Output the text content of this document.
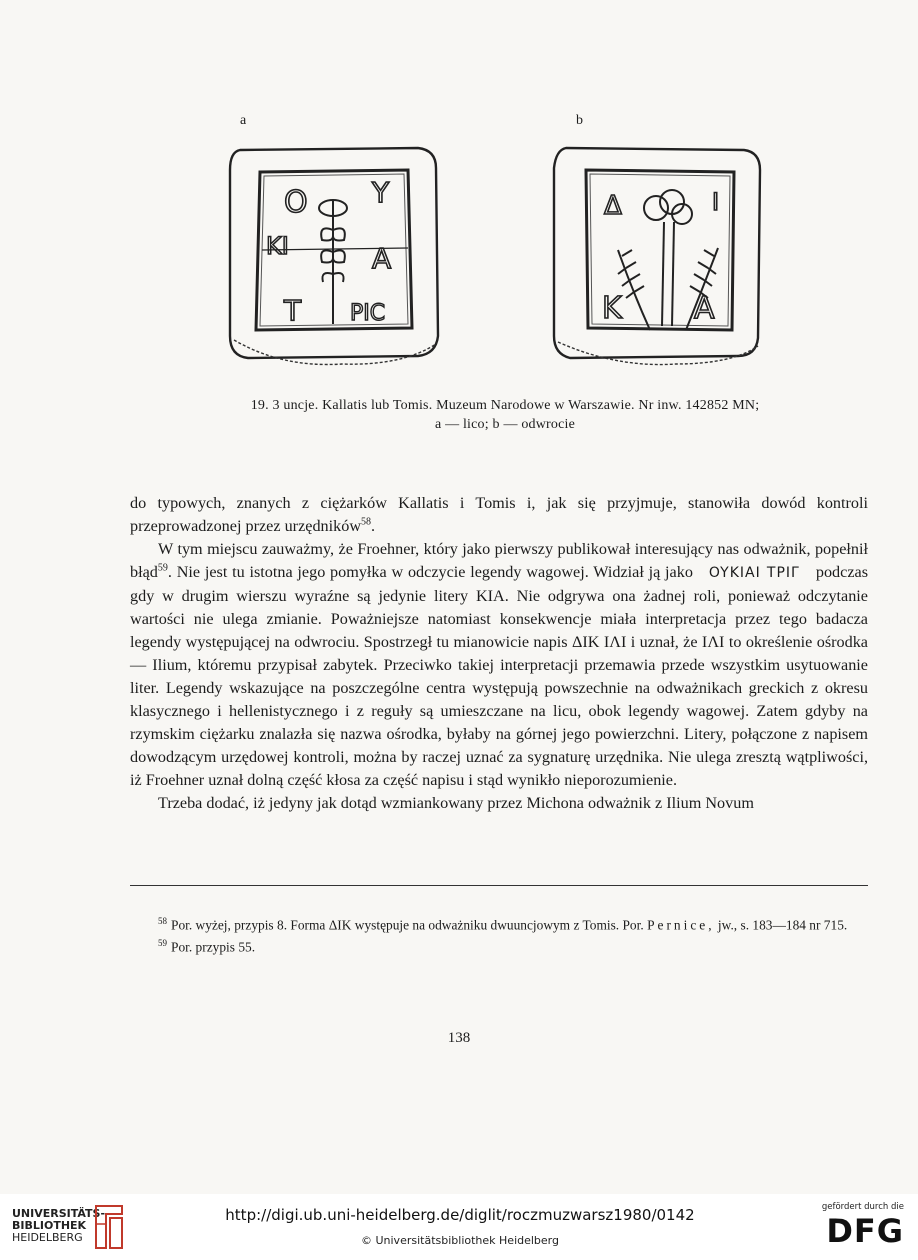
a	b
O Y
KI	A
T PIC
Δ	I
K A
19. 3 uncje. Kallatis lub Tomis. Muzeum Narodowe w Warszawie. Nr inw. 142852 MN;
a — lico; b — odwrocie

do typowych, znanych z ciężarków Kallatis i Tomis i, jak się przyjmuje, stanowiła dowód kontroli przeprowadzonej przez urzędników$^{58}$.

W tym miejscu zauważmy, że Froehner, który jako pierwszy publikował interesujący nas odważnik, popełnił błąd$^{59}$. Nie jest tu istotna jego pomyłka w odczycie legendy wagowej. Widział ją jako OYKIAI TPIΓ podczas gdy w drugim wierszu wyraźne są jedynie litery KIA. Nie odgrywa ona żadnej roli, ponieważ odczytanie wartości nie ulega zmianie. Poważniejsze natomiast konsekwencje miała interpretacja przez tego badacza legendy występującej na odwrociu. Spostrzegł tu mianowicie napis ΔIK IΛI i uznał, że IΛI to określenie ośrodka — Ilium, któremu przypisał zabytek. Przeciwko takiej interpretacji przemawia przede wszystkim usytuowanie liter. Legendy wskazujące na poszczególne centra występują powszechnie na odważnikach greckich z okresu klasycznego i hellenistycznego i z reguły są umieszczane na licu, obok legendy wagowej. Zatem gdyby na rzymskim ciężarku znalazła się nazwa ośrodka, byłaby na górnej jego powierzchni. Litery, połączone z napisem dowodzącym urzędowej kontroli, można by raczej uznać za sygnaturę urzędnika. Nie ulega zresztą wątpliwości, iż Froehner uznał dolną część kłosa za część napisu i stąd wynikło nieporozumienie.

Trzeba dodać, iż jedyny jak dotąd wzmiankowany przez Michona odważnik z Ilium Novum

$^{58}$ Por. wyżej, przypis 8. Forma ΔIK występuje na odważniku dwuuncjowym z Tomis. Por. Pernice, jw., s. 183—184 nr 715.

$^{59}$ Por. przypis 55.

138
UNIVERSITÄTS-
BIBLIOTHEK
HEIDELBERG
http://digi.ub.uni-heidelberg.de/diglit/roczmuzwarsz1980/0142
© Universitätsbibliothek Heidelberg
gefördert durch die
DFG
